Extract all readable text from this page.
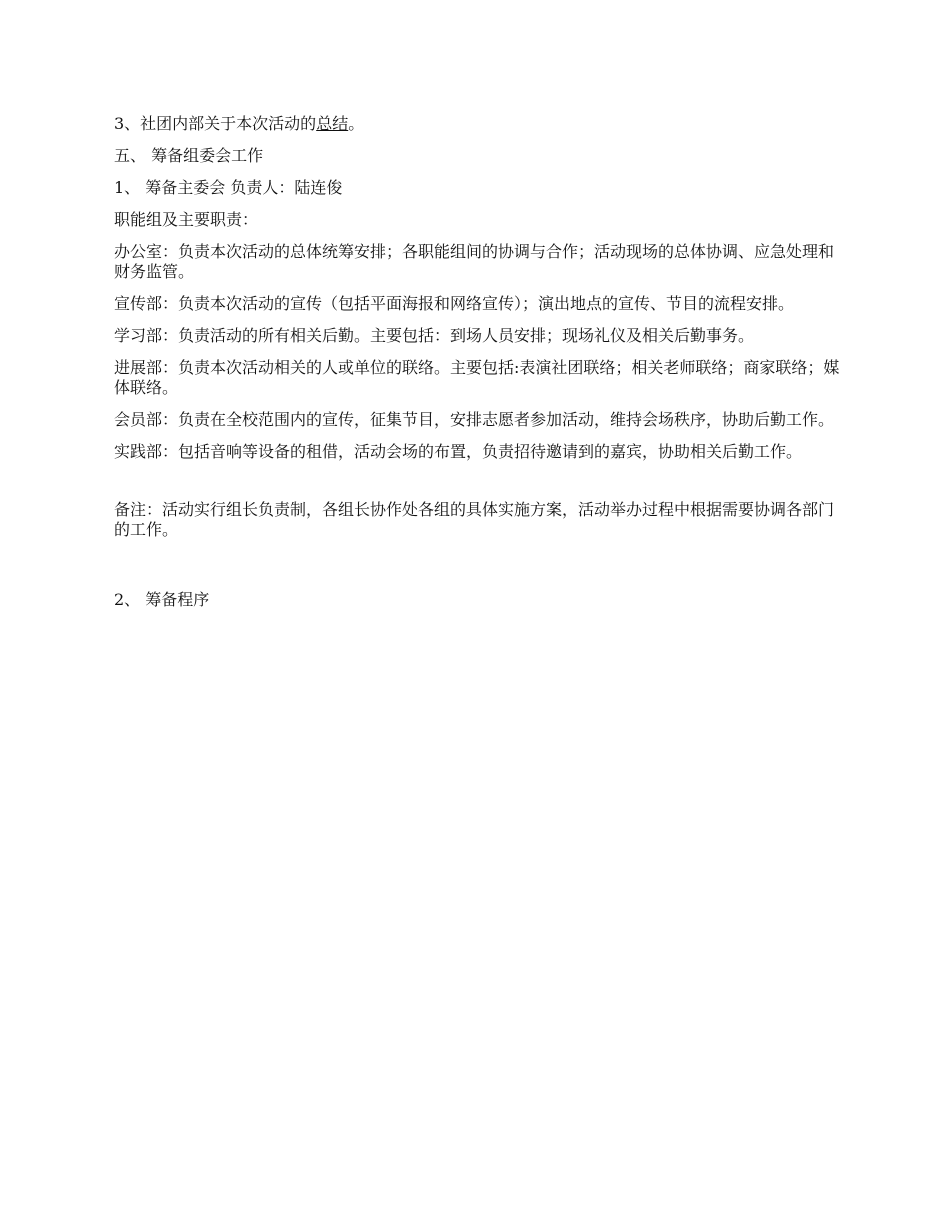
3、社团内部关于本次活动的总结。

五、 筹备组委会工作

1、 筹备主委会 负责人：陆连俊

职能组及主要职责：

办公室：负责本次活动的总体统筹安排；各职能组间的协调与合作；活动现场的总体协调、应急处理和财务监管。

宣传部：负责本次活动的宣传（包括平面海报和网络宣传）；演出地点的宣传、节目的流程安排。

学习部：负责活动的所有相关后勤。主要包括：到场人员安排；现场礼仪及相关后勤事务。

进展部：负责本次活动相关的人或单位的联络。主要包括:表演社团联络；相关老师联络；商家联络；媒体联络。

会员部：负责在全校范围内的宣传，征集节目，安排志愿者参加活动，维持会场秩序，协助后勤工作。

实践部：包括音响等设备的租借，活动会场的布置，负责招待邀请到的嘉宾，协助相关后勤工作。

备注：活动实行组长负责制，各组长协作处各组的具体实施方案，活动举办过程中根据需要协调各部门的工作。

2、 筹备程序
